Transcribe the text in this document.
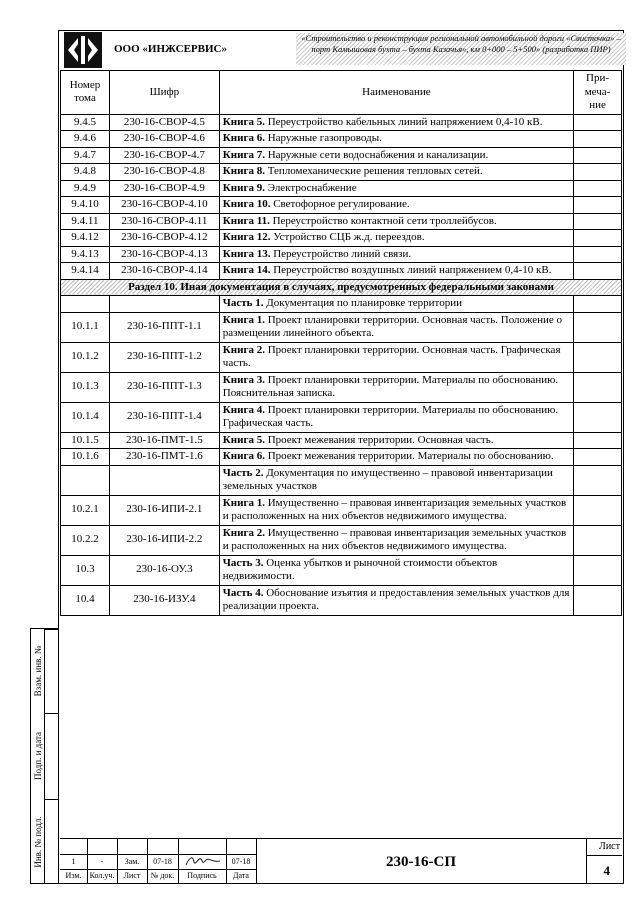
ООО «ИНЖСЕРВИС»
«Строительство и реконструкция региональной автомобильной дороги «Свисточка» –
порт Камышовая бухта – бухта Казачья», км 0+000 – 5+500» (разработка ПИР)
Номер тома	Шифр	Наименование	При-меча-ние
9.4.5	230-16-СВОР-4.5	Книга 5. Переустройство кабельных линий напряжением 0,4-10 кВ.	
9.4.6	230-16-СВОР-4.6	Книга 6. Наружные газопроводы.	
9.4.7	230-16-СВОР-4.7	Книга 7. Наружные сети водоснабжения и канализации.	
9.4.8	230-16-СВОР-4.8	Книга 8. Тепломеханические решения тепловых сетей.	
9.4.9	230-16-СВОР-4.9	Книга 9. Электроснабжение	
9.4.10	230-16-СВОР-4.10	Книга 10. Светофорное регулирование.	
9.4.11	230-16-СВОР-4.11	Книга 11. Переустройство контактной сети троллейбусов.	
9.4.12	230-16-СВОР-4.12	Книга 12. Устройство СЦБ ж.д. переездов.	
9.4.13	230-16-СВОР-4.13	Книга 13. Переустройство линий связи.	
9.4.14	230-16-СВОР-4.14	Книга 14. Переустройство воздушных линий напряжением 0,4-10 кВ.	
Раздел 10. Иная документация в случаях, предусмотренных федеральными законами			
		Часть 1. Документация по планировке территории	
10.1.1	230-16-ППТ-1.1	Книга 1. Проект планировки территории. Основная часть. Положение о размещении линейного объекта.	
10.1.2	230-16-ППТ-1.2	Книга 2. Проект планировки территории. Основная часть. Графическая часть.	
10.1.3	230-16-ППТ-1.3	Книга 3. Проект планировки территории. Материалы по обоснованию. Пояснительная записка.	
10.1.4	230-16-ППТ-1.4	Книга 4. Проект планировки территории. Материалы по обоснованию. Графическая часть.	
10.1.5	230-16-ПМТ-1.5	Книга 5. Проект межевания территории. Основная часть.	
10.1.6	230-16-ПМТ-1.6	Книга 6. Проект межевания территории. Материалы по обоснованию.	
		Часть 2. Документация по имущественно – правовой инвентаризации земельных участков	
10.2.1	230-16-ИПИ-2.1	Книга 1. Имущественно – правовая инвентаризация земельных участков и расположенных на них объектов недвижимого имущества.	
10.2.2	230-16-ИПИ-2.2	Книга 2. Имущественно – правовая инвентаризация земельных участков и расположенных на них объектов недвижимого имущества.	
10.3	230-16-ОУ.3	Часть 3. Оценка убытков и рыночной стоимости объектов недвижимости.	
10.4	230-16-ИЗУ.4	Часть 4. Обоснование изъятия и предоставления земельных участков для реализации проекта.	
Взам. инв. №
Подп. и дата
Инв. № подл.	1	-	Зам.	07-18	07-18
Изм.	Кол.уч.	Лист	№ док.	Подпись	Дата
230-16-СП
Лист
4
